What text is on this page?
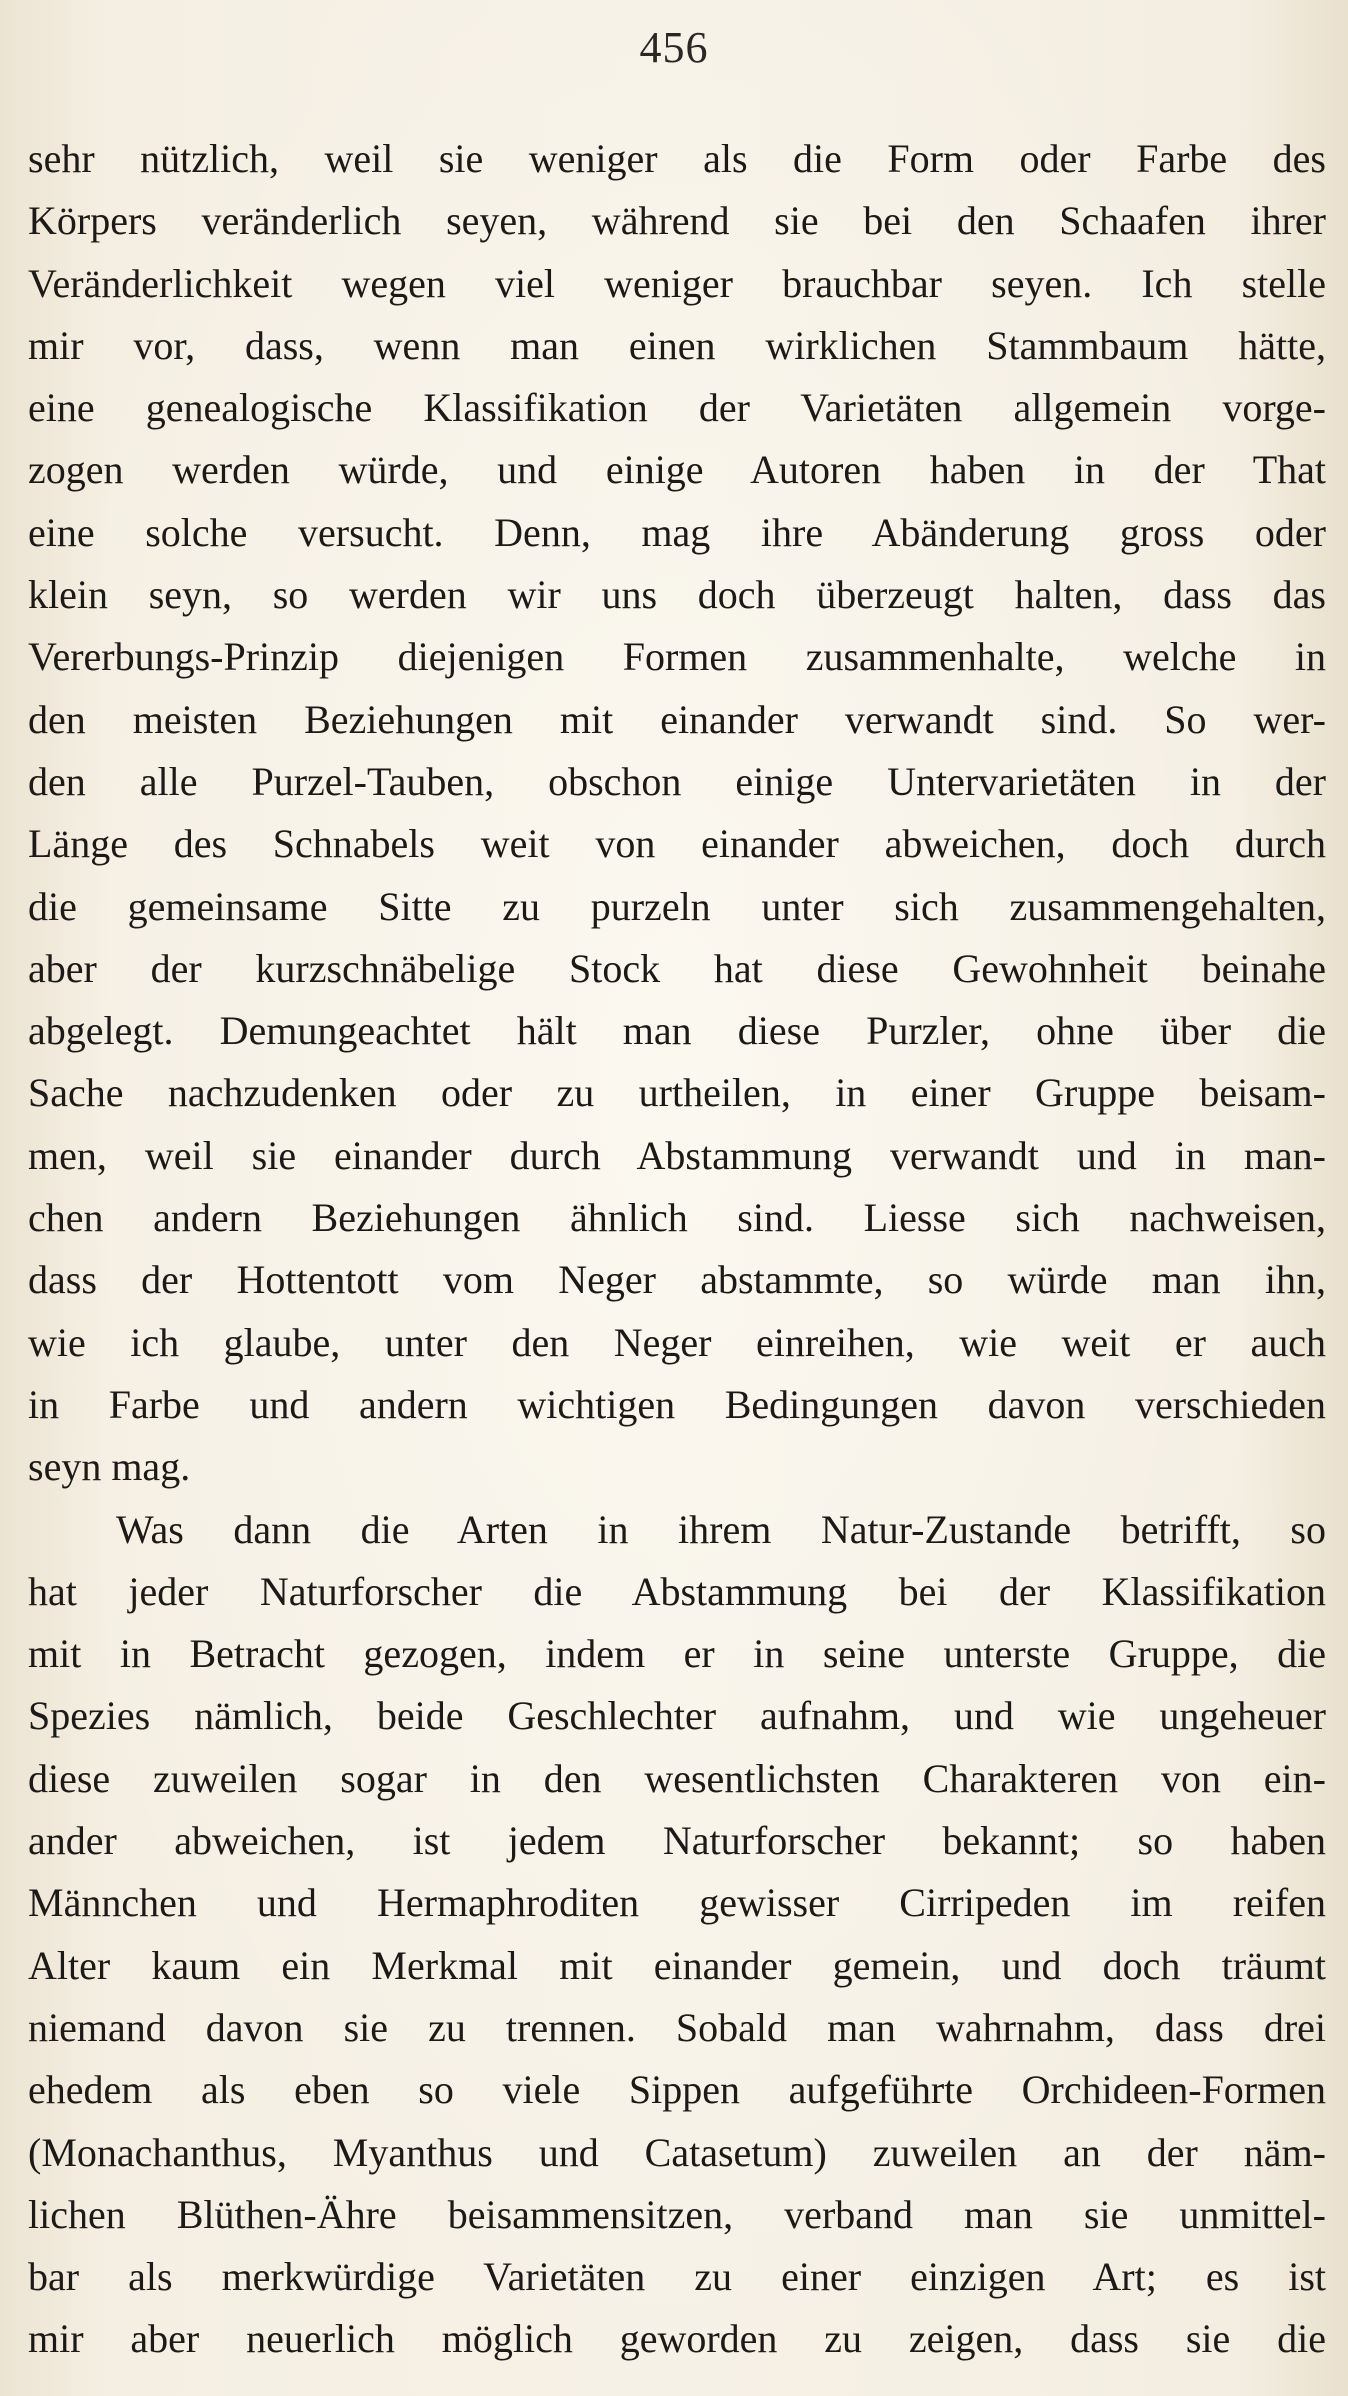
456
sehr nützlich, weil sie weniger als die Form oder Farbe des
Körpers veränderlich seyen, während sie bei den Schaafen ihrer
Veränderlichkeit wegen viel weniger brauchbar seyen. Ich stelle
mir vor, dass, wenn man einen wirklichen Stammbaum hätte,
eine genealogische Klassifikation der Varietäten allgemein vorge-
zogen werden würde, und einige Autoren haben in der That
eine solche versucht. Denn, mag ihre Abänderung gross oder
klein seyn, so werden wir uns doch überzeugt halten, dass das
Vererbungs-Prinzip diejenigen Formen zusammenhalte, welche in
den meisten Beziehungen mit einander verwandt sind. So wer-
den alle Purzel-Tauben, obschon einige Untervarietäten in der
Länge des Schnabels weit von einander abweichen, doch durch
die gemeinsame Sitte zu purzeln unter sich zusammengehalten,
aber der kurzschnäbelige Stock hat diese Gewohnheit beinahe
abgelegt. Demungeachtet hält man diese Purzler, ohne über die
Sache nachzudenken oder zu urtheilen, in einer Gruppe beisam-
men, weil sie einander durch Abstammung verwandt und in man-
chen andern Beziehungen ähnlich sind. Liesse sich nachweisen,
dass der Hottentott vom Neger abstammte, so würde man ihn,
wie ich glaube, unter den Neger einreihen, wie weit er auch
in Farbe und andern wichtigen Bedingungen davon verschieden
seyn mag.
Was dann die Arten in ihrem Natur-Zustande betrifft, so
hat jeder Naturforscher die Abstammung bei der Klassifikation
mit in Betracht gezogen, indem er in seine unterste Gruppe, die
Spezies nämlich, beide Geschlechter aufnahm, und wie ungeheuer
diese zuweilen sogar in den wesentlichsten Charakteren von ein-
ander abweichen, ist jedem Naturforscher bekannt; so haben
Männchen und Hermaphroditen gewisser Cirripeden im reifen
Alter kaum ein Merkmal mit einander gemein, und doch träumt
niemand davon sie zu trennen. Sobald man wahrnahm, dass drei
ehedem als eben so viele Sippen aufgeführte Orchideen-Formen
(Monachanthus, Myanthus und Catasetum) zuweilen an der näm-
lichen Blüthen-Ähre beisammensitzen, verband man sie unmittel-
bar als merkwürdige Varietäten zu einer einzigen Art; es ist
mir aber neuerlich möglich geworden zu zeigen, dass sie die
